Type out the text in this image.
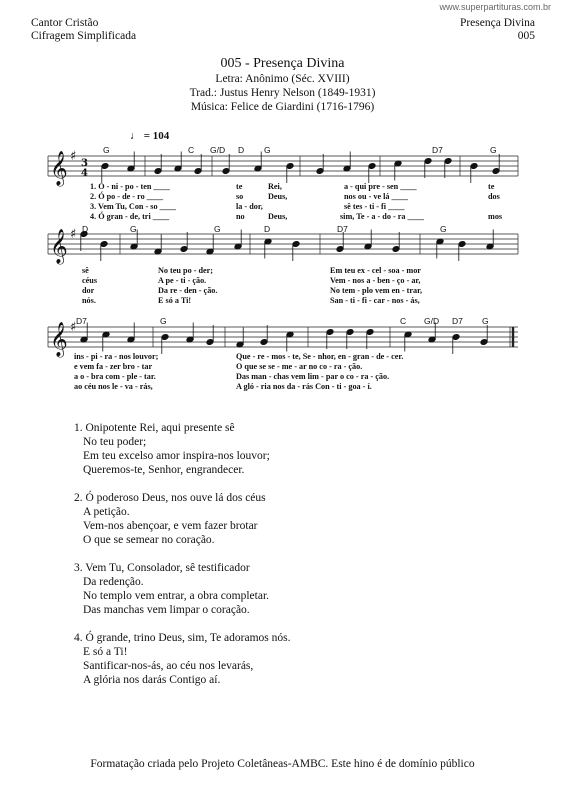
www.superpartituras.com.br
Cantor Cristão
Cifragem Simplificada
Presença Divina
005
005 - Presença Divina
Letra: Anônimo (Séc. XVIII)
Trad.: Justus Henry Nelson (1849-1931)
Música: Felice de Giardini (1716-1796)
♩ = 104
𝄞
𝄞
𝄞
♯
♯
♯
3
4
G	C G/D D G	D7	G
1. O - ni - po - ten ____
2. Ó po - de - ro ____
3. Vem Tu, Con - so ____
4. Ó gran - de, tri ____
te
so
la - dor,
no
Rei,
Deus,
sê tes - ti - fi ____
Deus,
a - qui pre - sen ____
nos ou - ve lá ____
sim, Te - a - do - ra ____
te
dos
mos
D	G	G	D	D7	G
sê
céus
dor
nós.
No teu po - der;
A pe - ti - ção.
Da re - den - ção.
E só a Ti!
Em teu ex - cel - soa - mor
Vem - nos a - ben - ço - ar,
No tem - plo vem en - trar,
San - ti - fi - car - nos - ás,
D7	G	C G/D D7 G
ins - pi - ra - nos louvor;
e vem fa - zer bro - tar
a o - bra com - ple - tar.
ao céu nos le - va - rás,
Que - re - mos - te, Se - nhor, en - gran - de - cer.
O que se se - me - ar no co - ra - ção.
Das man - chas vem lim - par o co - ra - ção.
A gló - ria nos da - rás Con - ti - goa - í.
1. Onipotente Rei, aqui presente sê
No teu poder;
Em teu excelso amor inspira-nos louvor;
Queremos-te, Senhor, engrandecer.
2. Ó poderoso Deus, nos ouve lá dos céus
A petição.
Vem-nos abençoar, e vem fazer brotar
O que se semear no coração.
3. Vem Tu, Consolador, sê testificador
Da redenção.
No templo vem entrar, a obra completar.
Das manchas vem limpar o coração.
4. Ó grande, trino Deus, sim, Te adoramos nós.
E só a Ti!
Santificar-nos-ás, ao céu nos levarás,
A glória nos darás Contigo aí.
Formatação criada pelo Projeto Coletâneas-AMBC. Este hino é de domínio público
